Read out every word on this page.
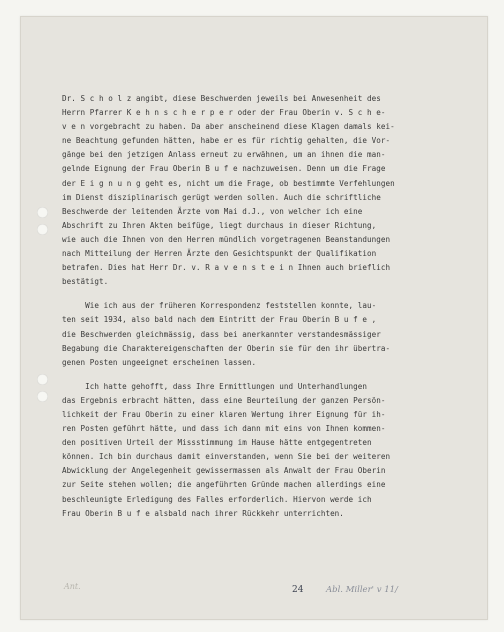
Dr. S c h o l z angibt, diese Beschwerden jeweils bei Anwesenheit des
Herrn Pfarrer K e h n s c h e r p e r oder der Frau Oberin v. S c h e-
v e n vorgebracht zu haben. Da aber anscheinend diese Klagen damals kei-
ne Beachtung gefunden hätten, habe er es für richtig gehalten, die Vor-
gänge bei den jetzigen Anlass erneut zu erwähnen, um an ihnen die man-
gelnde Eignung der Frau Oberin B u f e nachzuweisen. Denn um die Frage
der E i g n u n g geht es, nicht um die Frage, ob bestimmte Verfehlungen
im Dienst disziplinarisch gerügt werden sollen. Auch die schriftliche
Beschwerde der leitenden Ärzte vom Mai d.J., von welcher ich eine
Abschrift zu Ihren Akten beifüge, liegt durchaus in dieser Richtung,
wie auch die Ihnen von den Herren mündlich vorgetragenen Beanstandungen
nach Mitteilung der Herren Ärzte den Gesichtspunkt der Qualifikation
betrafen. Dies hat Herr Dr. v. R a v e n s t e i n Ihnen auch brieflich
bestätigt.
Wie ich aus der früheren Korrespondenz feststellen konnte, lau-
ten seit 1934, also bald nach dem Eintritt der Frau Oberin B u f e ,
die Beschwerden gleichmässig, dass bei anerkannter verstandesmässiger
Begabung die Charaktereigenschaften der Oberin sie für den ihr übertra-
genen Posten ungeeignet erscheinen lassen.
Ich hatte gehofft, dass Ihre Ermittlungen und Unterhandlungen
das Ergebnis erbracht hätten, dass eine Beurteilung der ganzen Persön-
lichkeit der Frau Oberin zu einer klaren Wertung ihrer Eignung für ih-
ren Posten geführt hätte, und dass ich dann mit eins von Ihnen kommen-
den positiven Urteil der Missstimmung im Hause hätte entgegentreten
können. Ich bin durchaus damit einverstanden, wenn Sie bei der weiteren
Abwicklung der Angelegenheit gewissermassen als Anwalt der Frau Oberin
zur Seite stehen wollen; die angeführten Gründe machen allerdings eine
beschleunigte Erledigung des Falles erforderlich. Hiervon werde ich
Frau Oberin B u f e alsbald nach ihrer Rückkehr unterrichten.
Ant.	24	Abl. Miller' v 11/
